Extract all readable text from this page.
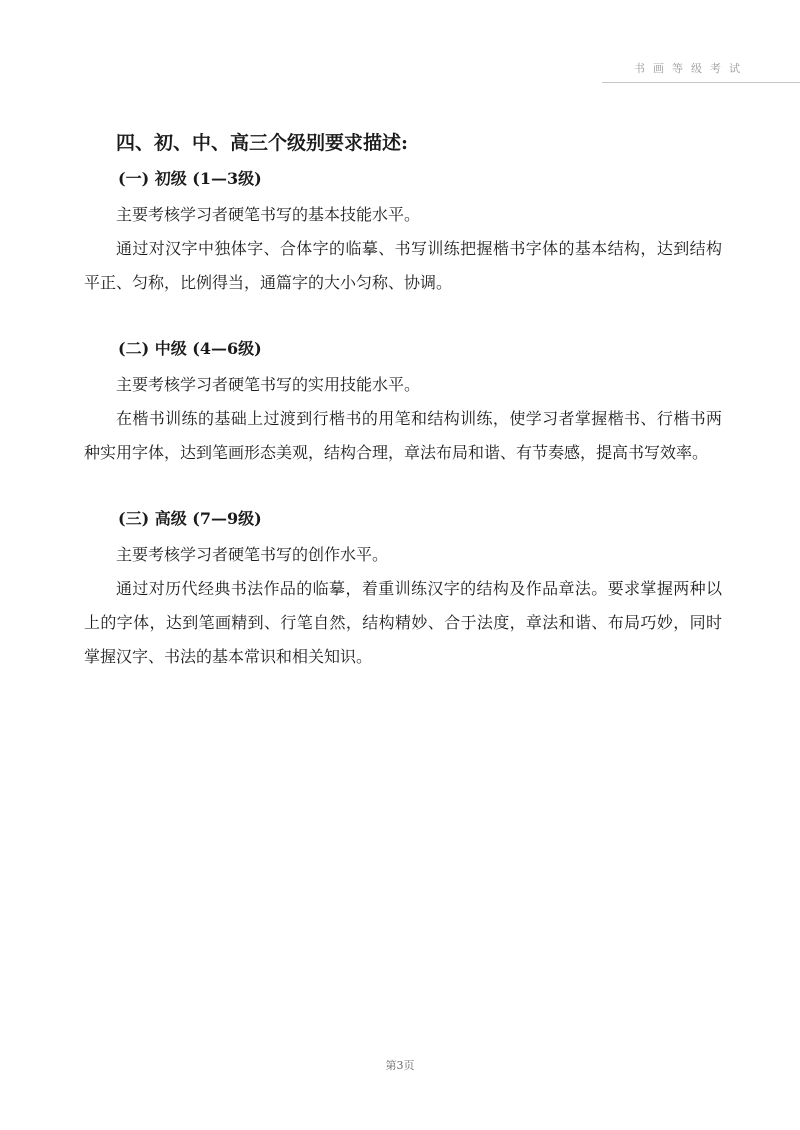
书画等级考试
四、初、中、高三个级别要求描述:
(一) 初级 (1—3级)

主要考核学习者硬笔书写的基本技能水平。

通过对汉字中独体字、合体字的临摹、书写训练把握楷书字体的基本结构，达到结构平正、匀称，比例得当，通篇字的大小匀称、协调。

(二) 中级 (4—6级)

主要考核学习者硬笔书写的实用技能水平。

在楷书训练的基础上过渡到行楷书的用笔和结构训练，使学习者掌握楷书、行楷书两种实用字体，达到笔画形态美观，结构合理，章法布局和谐、有节奏感，提高书写效率。

(三) 高级 (7—9级)

主要考核学习者硬笔书写的创作水平。

通过对历代经典书法作品的临摹，着重训练汉字的结构及作品章法。要求掌握两种以上的字体，达到笔画精到、行笔自然，结构精妙、合于法度，章法和谐、布局巧妙，同时掌握汉字、书法的基本常识和相关知识。

第3页
